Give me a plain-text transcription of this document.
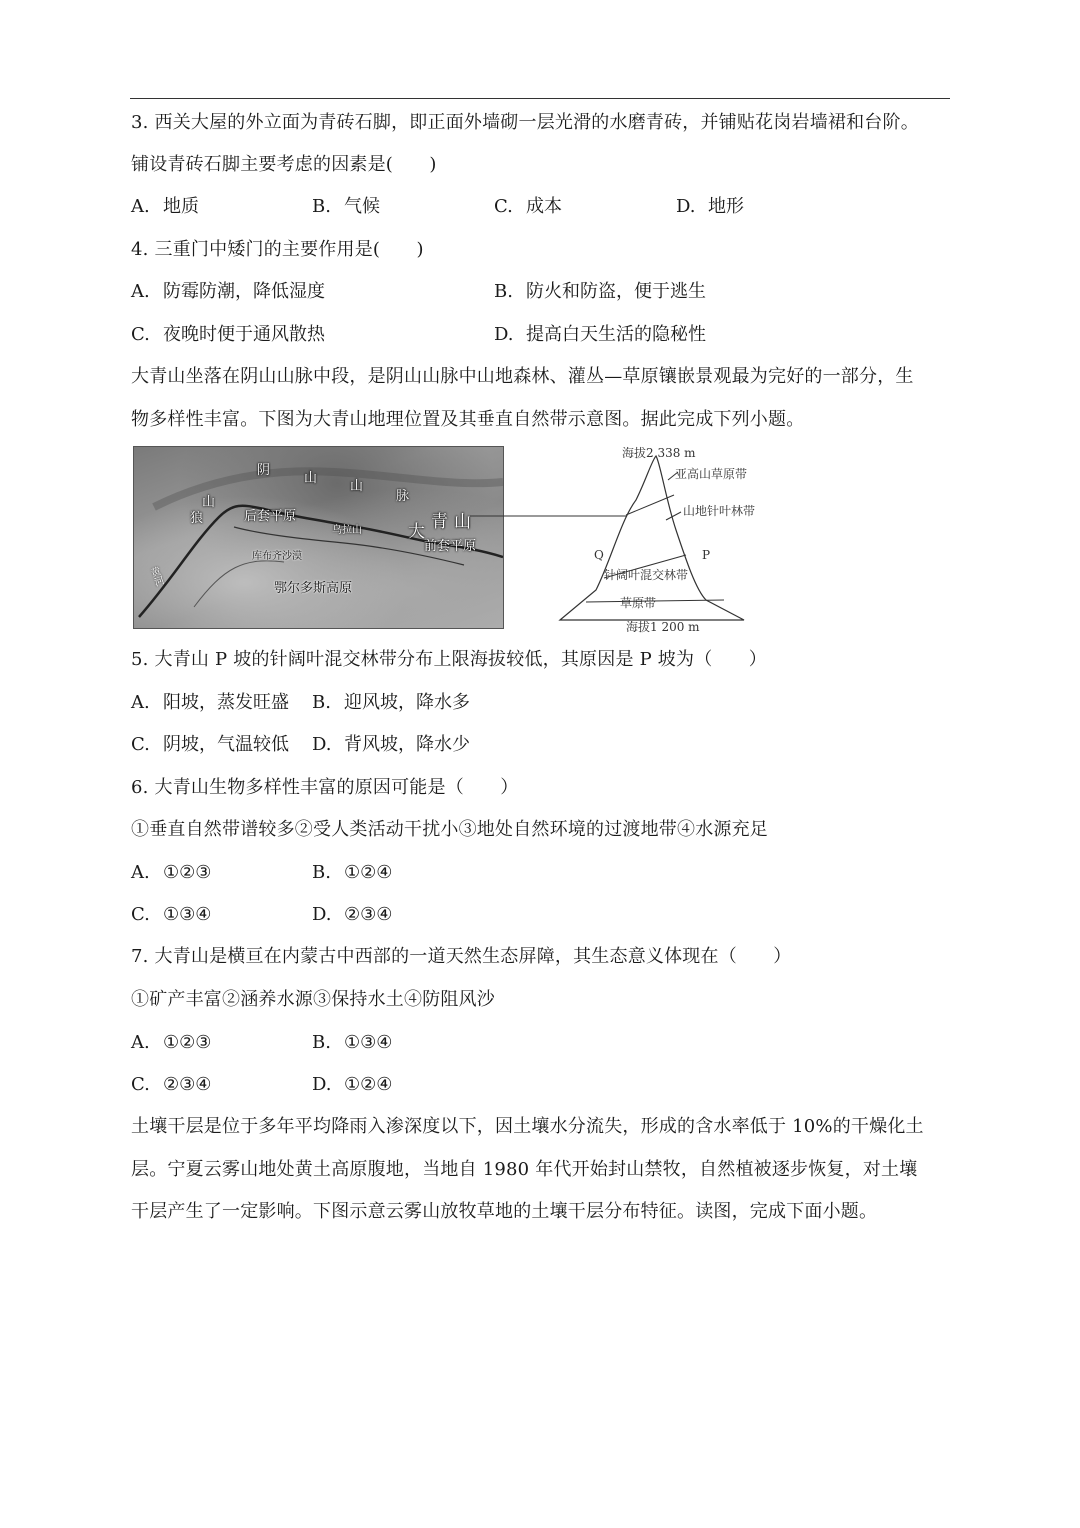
3. 西关大屋的外立面为青砖石脚，即正面外墙砌一层光滑的水磨青砖，并铺贴花岗岩墙裙和台阶。
铺设青砖石脚主要考虑的因素是(　　)
A. 地质	B. 气候	C. 成本	D. 地形
4. 三重门中矮门的主要作用是(　　)
A. 防霉防潮，降低湿度	B. 防火和防盗，便于逃生
C. 夜晚时便于通风散热	D. 提高白天生活的隐秘性
大青山坐落在阴山山脉中段，是阴山山脉中山地森林、灌丛—草原镶嵌景观最为完好的一部分，生
物多样性丰富。下图为大青山地理位置及其垂直自然带示意图。据此完成下列小题。
阴
山
山
脉
狼
山
大 青 山
后套平原
乌拉山
前套平原
库布齐沙漠
鄂尔多斯高原
黄河
海拔2 338 m
亚高山草原带
山地针叶林带
Q	P
针阔叶混交林带
草原带
海拔1 200 m
5. 大青山 P 坡的针阔叶混交林带分布上限海拔较低，其原因是 P 坡为（　　）
A. 阳坡，蒸发旺盛 B. 迎风坡，降水多
C. 阴坡，气温较低 D. 背风坡，降水少
6. 大青山生物多样性丰富的原因可能是（　　）
①垂直自然带谱较多②受人类活动干扰小③地处自然环境的过渡地带④水源充足
A. ①②③	B. ①②④
C. ①③④	D. ②③④
7. 大青山是横亘在内蒙古中西部的一道天然生态屏障，其生态意义体现在（　　）
①矿产丰富②涵养水源③保持水土④防阻风沙
A. ①②③	B. ①③④
C. ②③④	D. ①②④
土壤干层是位于多年平均降雨入渗深度以下，因土壤水分流失，形成的含水率低于 10%的干燥化土
层。宁夏云雾山地处黄土高原腹地，当地自 1980 年代开始封山禁牧，自然植被逐步恢复，对土壤
干层产生了一定影响。下图示意云雾山放牧草地的土壤干层分布特征。读图，完成下面小题。
